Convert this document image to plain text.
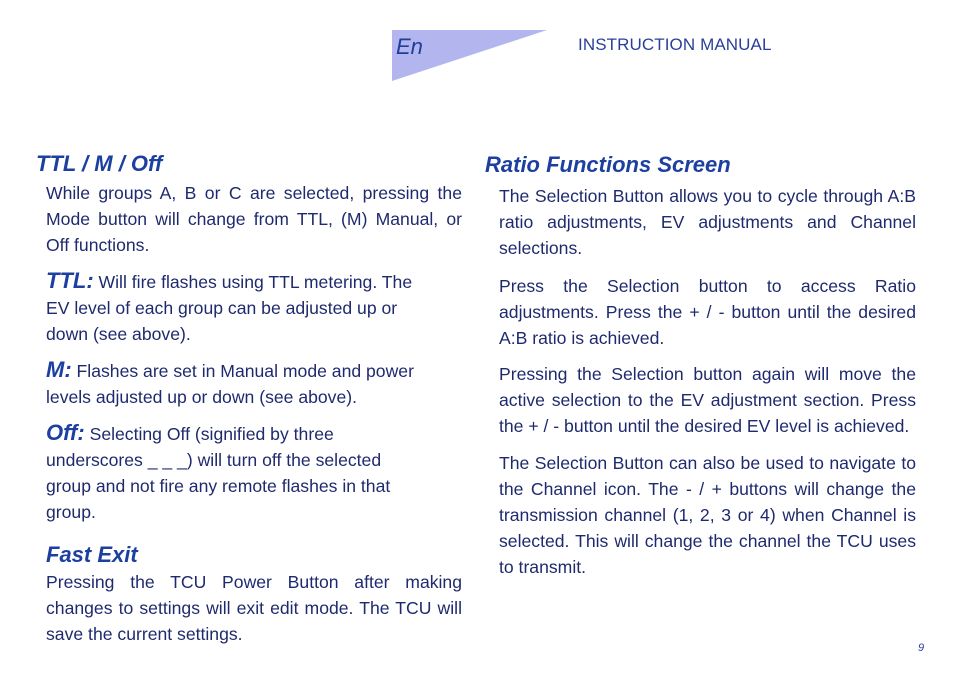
En	INSTRUCTION MANUAL
TTL / M / Off

While groups A, B or C are selected, pressing the Mode button will change from TTL, (M) Manual, or Off functions.

TTL: Will fire flashes using TTL metering. The

EV level of each group can be adjusted up or

down (see above).

M: Flashes are set in Manual mode and power

levels adjusted up or down (see above).

Off: Selecting Off (signified by three

underscores _ _ _) will turn off the selected

group and not fire any remote flashes in that

group.

Fast Exit

Pressing the TCU Power Button after making changes to settings will exit edit mode. The TCU will save the current settings.

Ratio Functions Screen

The Selection Button allows you to cycle through A:B ratio adjustments, EV adjustments and Channel selections.

Press the Selection button to access Ratio adjustments. Press the + / - button until the desired A:B ratio is achieved.

Pressing the Selection button again will move the active selection to the EV adjustment section. Press the + / - button until the desired EV level is achieved.

The Selection Button can also be used to navigate to the Channel icon. The - / + buttons will change the transmission channel (1, 2, 3 or 4) when Channel is selected. This will change the channel the TCU uses to transmit.

9
